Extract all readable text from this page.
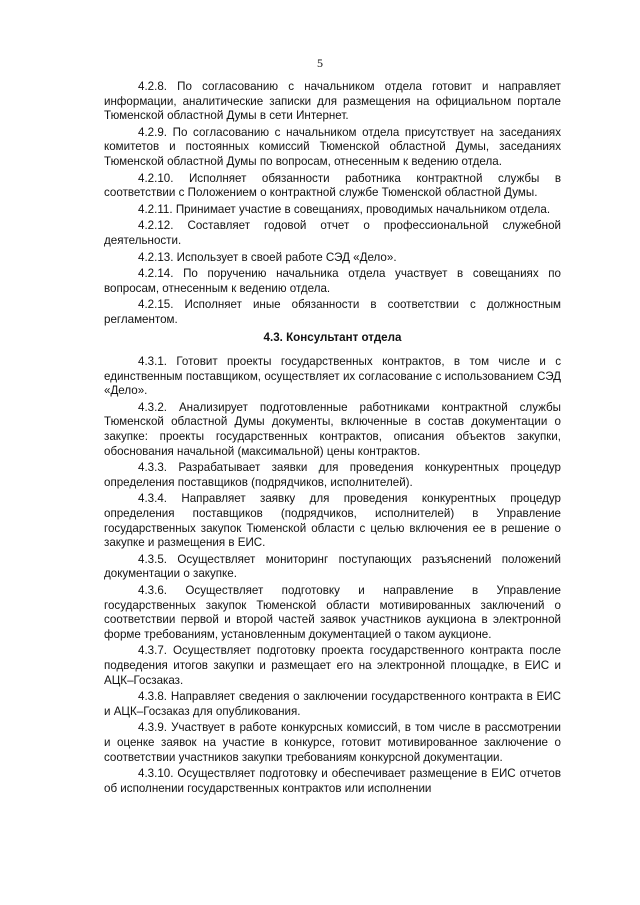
5

4.2.8. По согласованию с начальником отдела готовит и направляет информации, аналитические записки для размещения на официальном портале Тюменской областной Думы в сети Интернет.

4.2.9. По согласованию с начальником отдела присутствует на заседаниях комитетов и постоянных комиссий Тюменской областной Думы, заседаниях Тюменской областной Думы по вопросам, отнесенным к ведению отдела.

4.2.10. Исполняет обязанности работника контрактной службы в соответствии с Положением о контрактной службе Тюменской областной Думы.

4.2.11. Принимает участие в совещаниях, проводимых начальником отдела.

4.2.12. Составляет годовой отчет о профессиональной служебной деятельности.

4.2.13. Использует в своей работе СЭД «Дело».

4.2.14. По поручению начальника отдела участвует в совещаниях по вопросам, отнесенным к ведению отдела.

4.2.15. Исполняет иные обязанности в соответствии с должностным регламентом.

4.3. Консультант отдела

4.3.1. Готовит проекты государственных контрактов, в том числе и с единственным поставщиком, осуществляет их согласование с использованием СЭД «Дело».

4.3.2. Анализирует подготовленные работниками контрактной службы Тюменской областной Думы документы, включенные в состав документации о закупке: проекты государственных контрактов, описания объектов закупки, обоснования начальной (максимальной) цены контрактов.

4.3.3. Разрабатывает заявки для проведения конкурентных процедур определения поставщиков (подрядчиков, исполнителей).

4.3.4. Направляет заявку для проведения конкурентных процедур определения поставщиков (подрядчиков, исполнителей) в Управление государственных закупок Тюменской области с целью включения ее в решение о закупке и размещения в ЕИС.

4.3.5. Осуществляет мониторинг поступающих разъяснений положений документации о закупке.

4.3.6. Осуществляет подготовку и направление в Управление государственных закупок Тюменской области мотивированных заключений о соответствии первой и второй частей заявок участников аукциона в электронной форме требованиям, установленным документацией о таком аукционе.

4.3.7. Осуществляет подготовку проекта государственного контракта после подведения итогов закупки и размещает его на электронной площадке, в ЕИС и АЦК–Госзаказ.

4.3.8. Направляет сведения о заключении государственного контракта в ЕИС и АЦК–Госзаказ для опубликования.

4.3.9. Участвует в работе конкурсных комиссий, в том числе в рассмотрении и оценке заявок на участие в конкурсе, готовит мотивированное заключение о соответствии участников закупки требованиям конкурсной документации.

4.3.10. Осуществляет подготовку и обеспечивает размещение в ЕИС отчетов об исполнении государственных контрактов или исполнении
